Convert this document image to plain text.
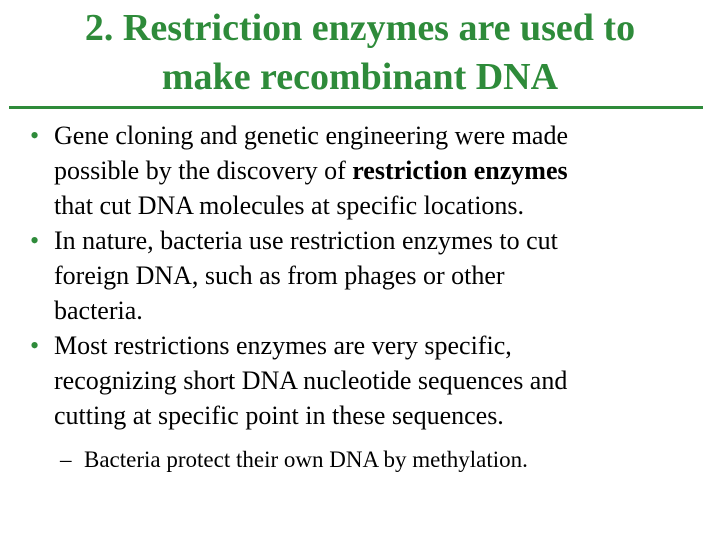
2. Restriction enzymes are used to
make recombinant DNA
• Gene cloning and genetic engineering were made
possible by the discovery of restriction enzymes
that cut DNA molecules at specific locations.
• In nature, bacteria use restriction enzymes to cut
foreign DNA, such as from phages or other
bacteria.
• Most restrictions enzymes are very specific,
recognizing short DNA nucleotide sequences and
cutting at specific point in these sequences.
– Bacteria protect their own DNA by methylation.
